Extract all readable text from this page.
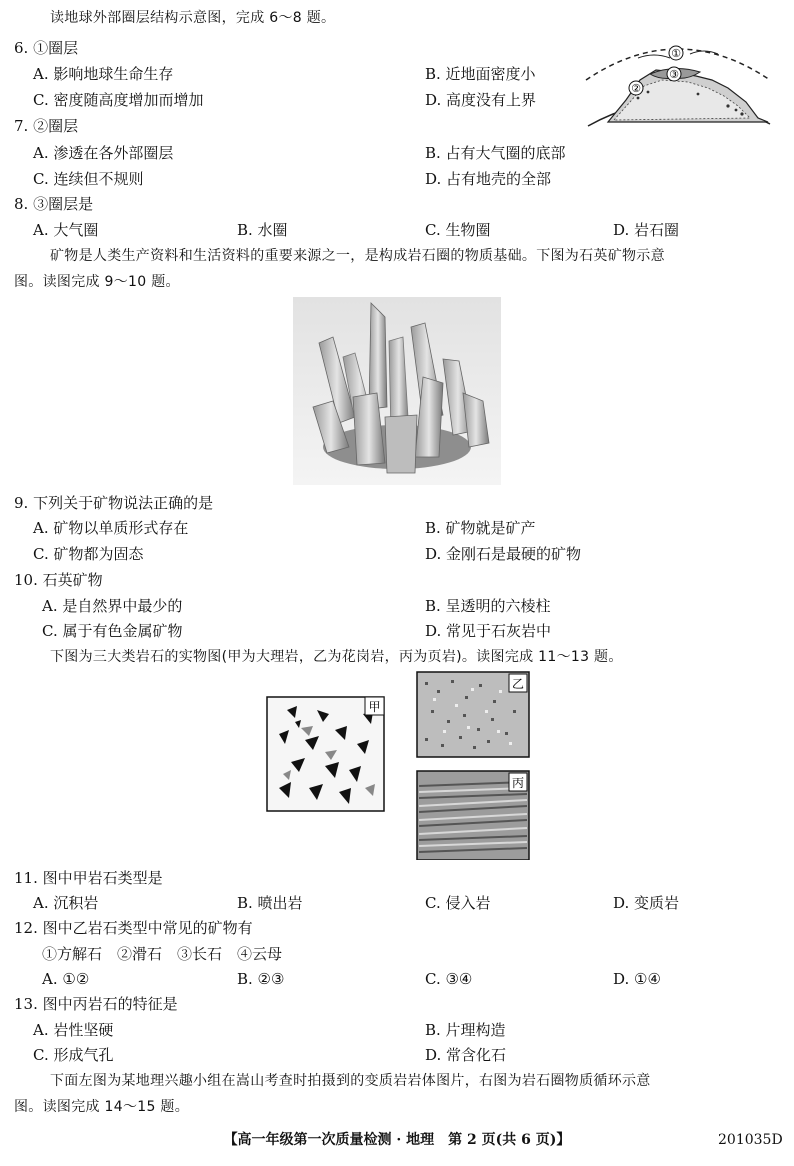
读地球外部圈层结构示意图，完成 6～8 题。
6. ①圈层
A. 影响地球生命生存	B. 近地面密度小
C. 密度随高度增加而增加	D. 高度没有上界
①
③
②
7. ②圈层
A. 渗透在各外部圈层	B. 占有大气圈的底部
C. 连续但不规则	D. 占有地壳的全部
8. ③圈层是
A. 大气圈	B. 水圈	C. 生物圈	D. 岩石圈
矿物是人类生产资料和生活资料的重要来源之一，是构成岩石圈的物质基础。下图为石英矿物示意
图。读图完成 9～10 题。
9. 下列关于矿物说法正确的是
A. 矿物以单质形式存在	B. 矿物就是矿产
C. 矿物都为固态	D. 金刚石是最硬的矿物
10. 石英矿物
A. 是自然界中最少的	B. 呈透明的六棱柱
C. 属于有色金属矿物	D. 常见于石灰岩中
下图为三大类岩石的实物图(甲为大理岩，乙为花岗岩，丙为页岩)。读图完成 11～13 题。
甲
乙
丙
11. 图中甲岩石类型是
A. 沉积岩	B. 喷出岩	C. 侵入岩	D. 变质岩
12. 图中乙岩石类型中常见的矿物有
①方解石　②滑石　③长石　④云母
A. ①②	B. ②③	C. ③④	D. ①④
13. 图中丙岩石的特征是
A. 岩性坚硬	B. 片理构造
C. 形成气孔	D. 常含化石
下面左图为某地理兴趣小组在嵩山考查时拍摄到的变质岩岩体图片，右图为岩石圈物质循环示意
图。读图完成 14～15 题。
【高一年级第一次质量检测 · 地理　第 2 页(共 6 页)】	201035D
